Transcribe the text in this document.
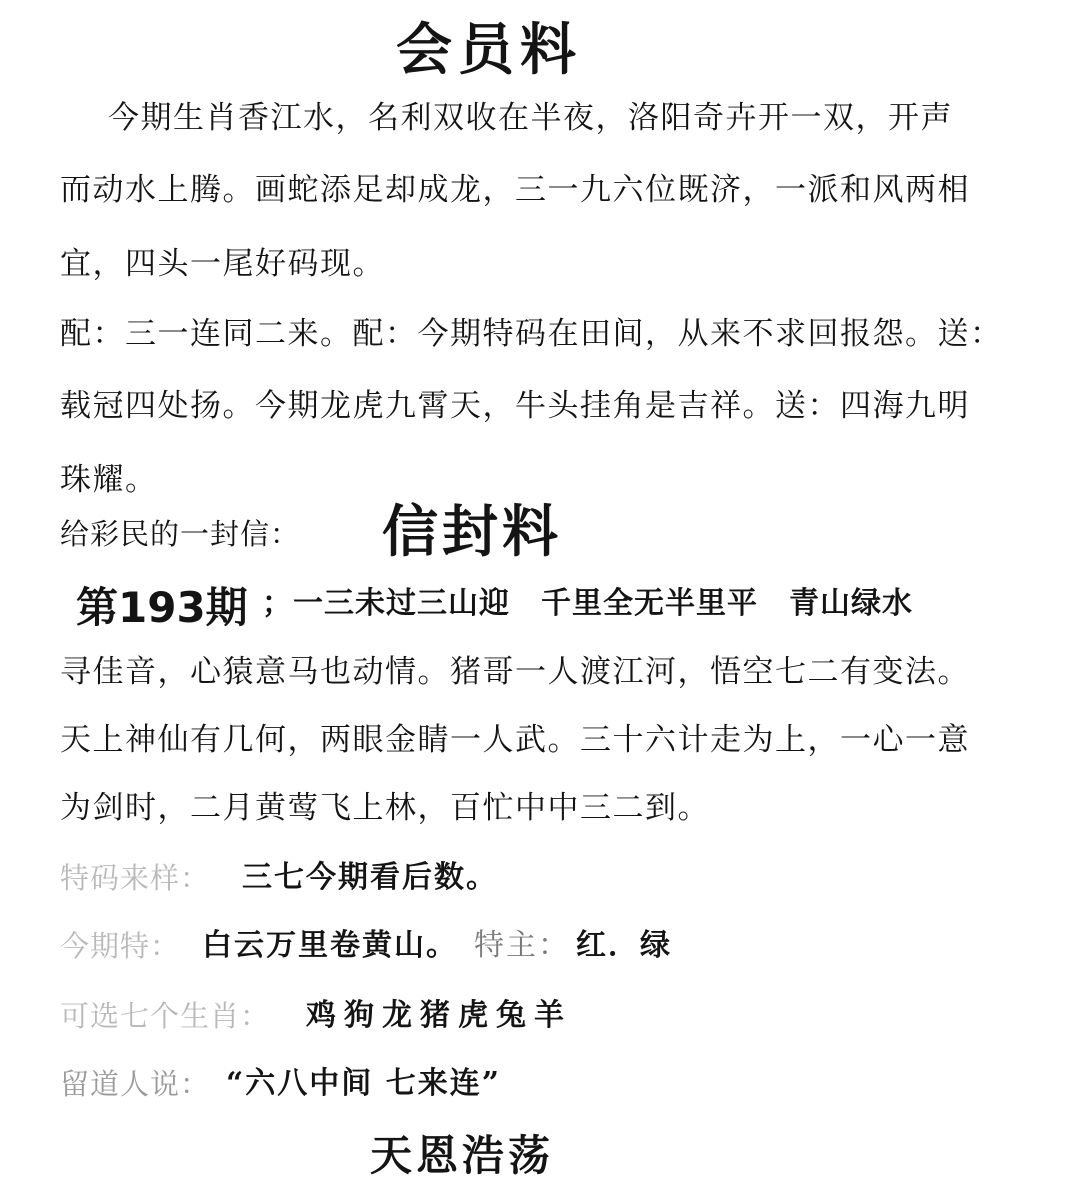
会员料
今期生肖香江水，名利双收在半夜，洛阳奇卉开一双，开声
而动水上腾。画蛇添足却成龙，三一九六位既济，一派和风两相
宜，四头一尾好码现。
配：三一连同二来。配：今期特码在田间，从来不求回报怨。送：
载冠四处扬。今期龙虎九霄天，牛头挂角是吉祥。送：四海九明
珠耀。
给彩民的一封信： 信封料
第193期 ；一三未过三山迎　千里全无半里平　青山绿水
寻佳音，心猿意马也动情。猪哥一人渡江河，悟空七二有变法。
天上神仙有几何，两眼金睛一人武。三十六计走为上，一心一意
为剑时，二月黄莺飞上林，百忙中中三二到。
特码来样： 三七今期看后数。
今期特： 白云万里卷黄山。 特主： 红．绿
可选七个生肖： 鸡狗龙猪虎兔羊
留道人说： “六八中间 七来连”
天恩浩荡
